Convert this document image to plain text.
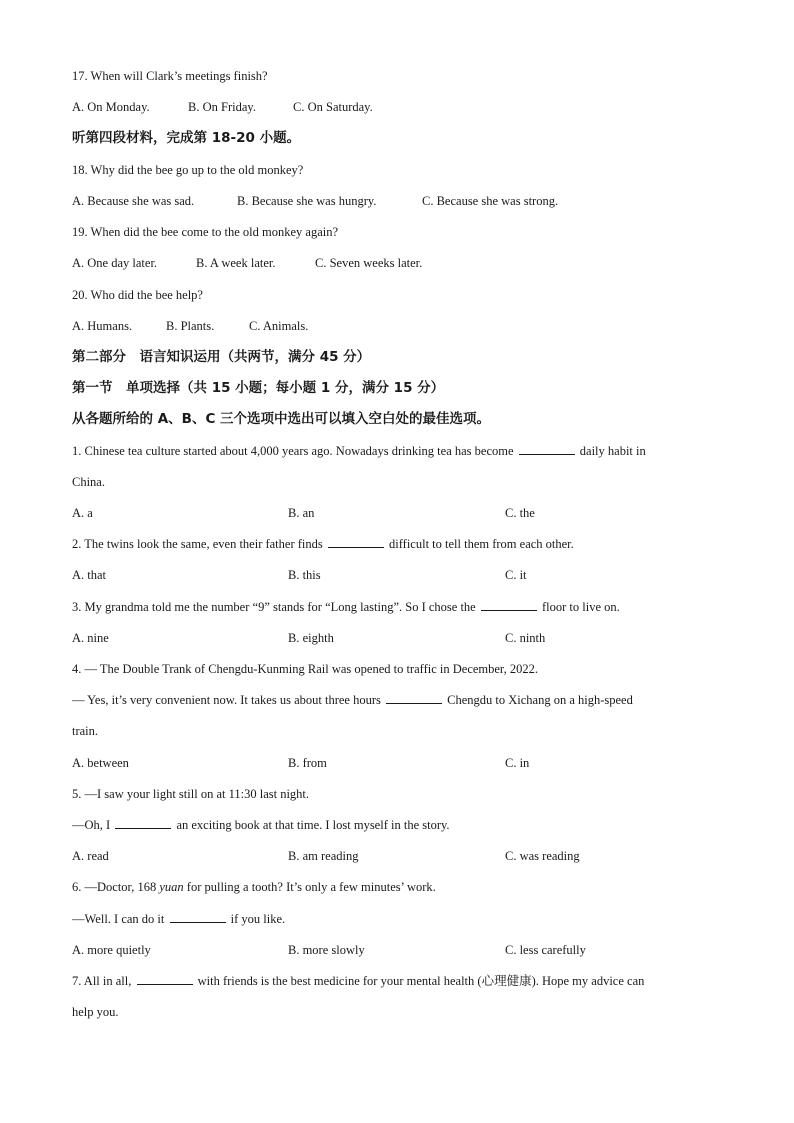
17. When will Clark’s meetings finish?
A. On Monday.	B. On Friday.	C. On Saturday.
听第四段材料，完成第 18-20 小题。
18. Why did the bee go up to the old monkey?
A. Because she was sad.	B. Because she was hungry.	C. Because she was strong.
19. When did the bee come to the old monkey again?
A. One day later.	B. A week later.	C. Seven weeks later.
20. Who did the bee help?
A. Humans.	B. Plants.	C. Animals.
第二部分　语言知识运用（共两节，满分 45 分）
第一节　单项选择（共 15 小题；每小题 1 分，满分 15 分）
从各题所给的 A、B、C 三个选项中选出可以填入空白处的最佳选项。
1. Chinese tea culture started about 4,000 years ago. Nowadays drinking tea has become	daily habit in
China.
A. a	B. an	C. the
2. The twins look the same, even their father finds	difficult to tell them from each other.
A. that	B. this	C. it
3. My grandma told me the number “9” stands for “Long lasting”. So I chose the	floor to live on.
A. nine	B. eighth	C. ninth
4. — The Double Trank of Chengdu-Kunming Rail was opened to traffic in December, 2022.
— Yes, it’s very convenient now. It takes us about three hours	Chengdu to Xichang on a high-speed
train.
A. between	B. from	C. in
5. —I saw your light still on at 11:30 last night.
—Oh, I	an exciting book at that time. I lost myself in the story.
A. read	B. am reading	C. was reading
6. —Doctor, 168 yuan for pulling a tooth? It’s only a few minutes’ work.
—Well. I can do it	if you like.
A. more quietly	B. more slowly	C. less carefully
7. All in all,	with friends is the best medicine for your mental health (心理健康). Hope my advice can
help you.
